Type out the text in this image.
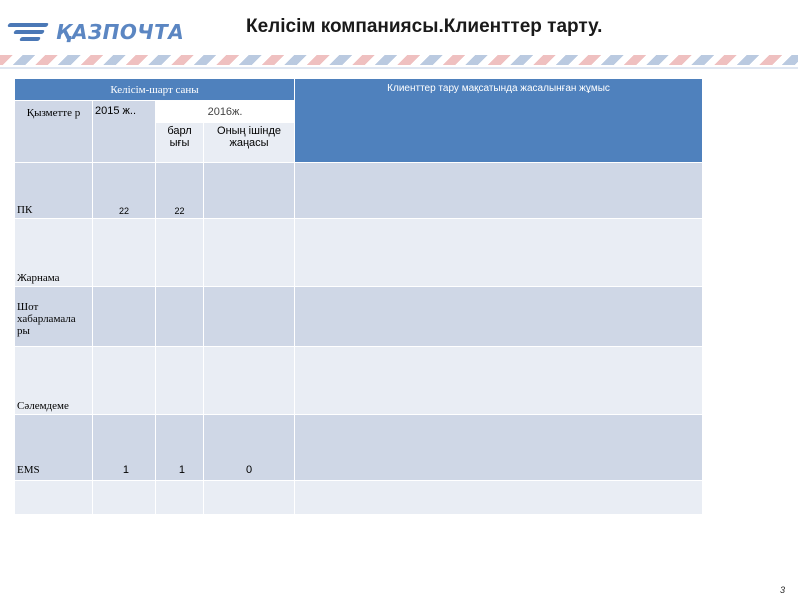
ҚАЗПОЧТА	Келісім компаниясы.Клиенттер тарту.
Келісім-шарт саны				Клиенттер тару мақсатында жасалынған жұмыс
Қызметте р	2015 ж..	2016ж.		
		барл ығы	Оның ішінде жаңасы	
ПК	22	22		
Жарнама				
Шот хабарламала ры				
Сәлемдеме				
EMS	1	1	0	

3
